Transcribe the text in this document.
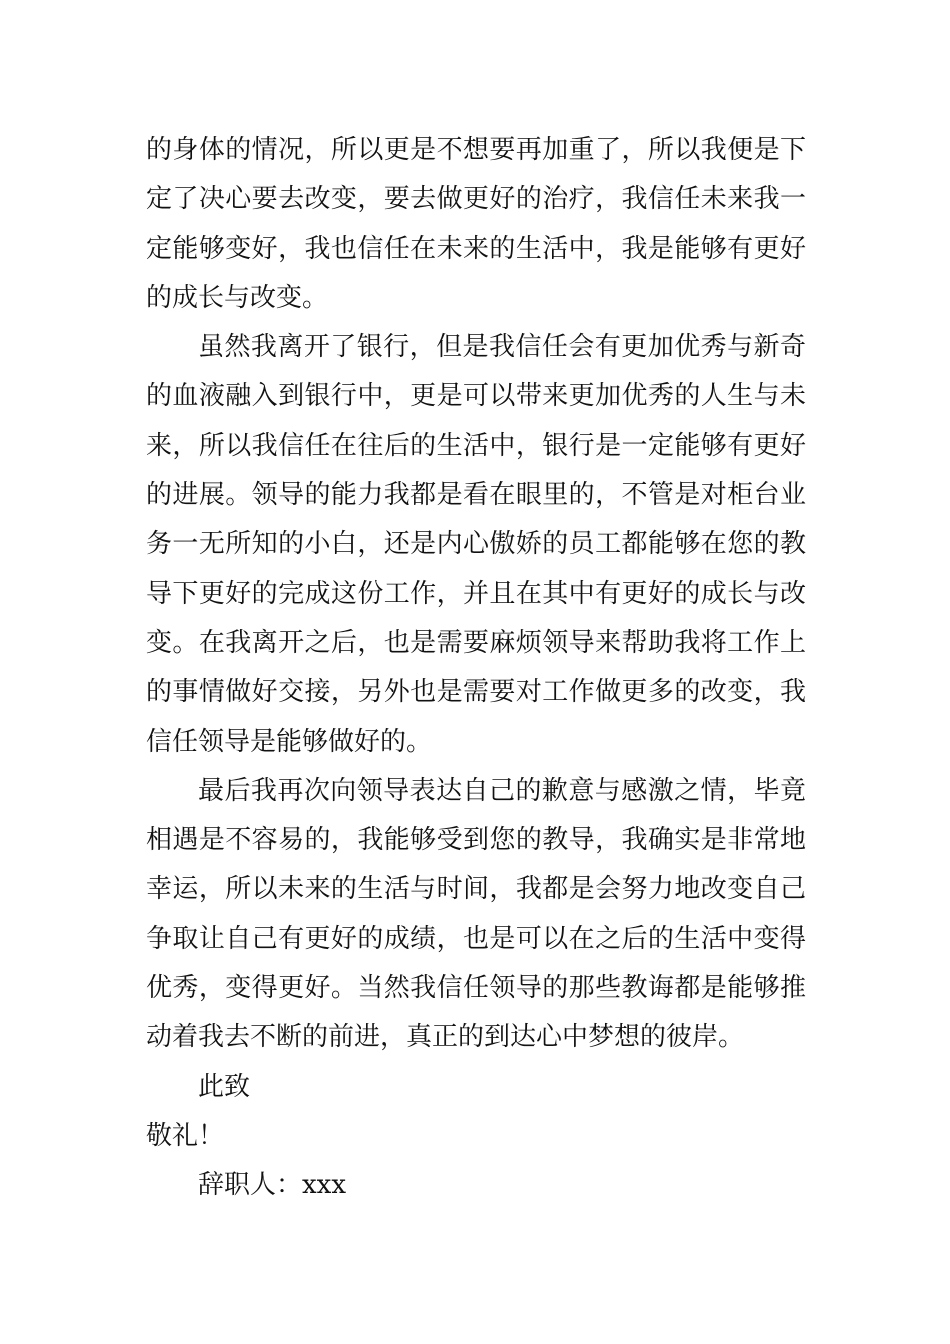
的身体的情况，所以更是不想要再加重了，所以我便是下
定了决心要去改变，要去做更好的治疗，我信任未来我一
定能够变好，我也信任在未来的生活中，我是能够有更好
的成长与改变。
虽然我离开了银行，但是我信任会有更加优秀与新奇
的血液融入到银行中，更是可以带来更加优秀的人生与未
来，所以我信任在往后的生活中，银行是一定能够有更好
的进展。领导的能力我都是看在眼里的，不管是对柜台业
务一无所知的小白，还是内心傲娇的员工都能够在您的教
导下更好的完成这份工作，并且在其中有更好的成长与改
变。在我离开之后，也是需要麻烦领导来帮助我将工作上
的事情做好交接，另外也是需要对工作做更多的改变，我
信任领导是能够做好的。
最后我再次向领导表达自己的歉意与感激之情，毕竟
相遇是不容易的，我能够受到您的教导，我确实是非常地
幸运，所以未来的生活与时间，我都是会努力地改变自己
争取让自己有更好的成绩，也是可以在之后的生活中变得
优秀，变得更好。当然我信任领导的那些教诲都是能够推
动着我去不断的前进，真正的到达心中梦想的彼岸。
此致
敬礼！
辞职人：xxx
